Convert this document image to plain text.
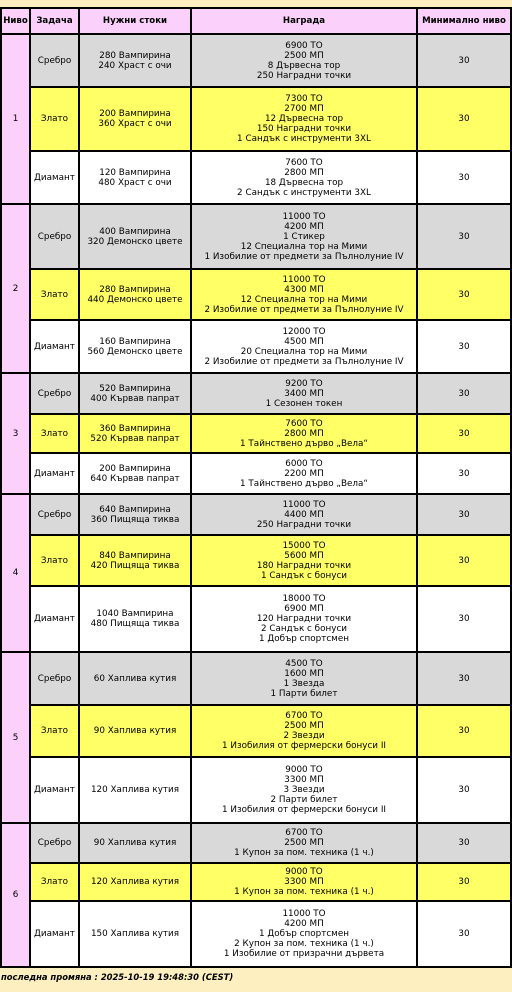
Ниво	Задача	Нужни стоки	Награда	Минимално ниво
1	Сребро	280 Вампирина
240 Храст с очи	6900 ТО
2500 МП
8 Дървесна тор
250 Наградни точки	30
	Злато	200 Вампирина
360 Храст с очи	7300 ТО
2700 МП
12 Дървесна тор
150 Наградни точки
1 Сандък с инструменти 3XL	30
	Диамант	120 Вампирина
480 Храст с очи	7600 ТО
2800 МП
18 Дървесна тор
2 Сандък с инструменти 3XL	30
2	Сребро	400 Вампирина
320 Демонско цвете	11000 ТО
4200 МП
1 Стикер
12 Специална тор на Мими
1 Изобилие от предмети за Пълнолуние IV	30
	Злато	280 Вампирина
440 Демонско цвете	11000 ТО
4300 МП
12 Специална тор на Мими
2 Изобилие от предмети за Пълнолуние IV	30
	Диамант	160 Вампирина
560 Демонско цвете	12000 ТО
4500 МП
20 Специална тор на Мими
2 Изобилие от предмети за Пълнолуние IV	30
3	Сребро	520 Вампирина
400 Кървав папрат	9200 ТО
3400 МП
1 Сезонен токен	30
	Злато	360 Вампирина
520 Кървав папрат	7600 ТО
2800 МП
1 Тайнствено дърво „Вела“	30
	Диамант	200 Вампирина
640 Кървав папрат	6000 ТО
2200 МП
1 Тайнствено дърво „Вела“	30
4	Сребро	640 Вампирина
360 Пищяща тиква	11000 ТО
4400 МП
250 Наградни точки	30
	Злато	840 Вампирина
420 Пищяща тиква	15000 ТО
5600 МП
180 Наградни точки
1 Сандък с бонуси	30
	Диамант	1040 Вампирина
480 Пищяща тиква	18000 ТО
6900 МП
120 Наградни точки
2 Сандък с бонуси
1 Добър спортсмен	30
5	Сребро	60 Хаплива кутия	4500 ТО
1600 МП
1 Звезда
1 Парти билет	30
	Злато	90 Хаплива кутия	6700 ТО
2500 МП
2 Звезди
1 Изобилия от фермерски бонуси II	30
	Диамант	120 Хаплива кутия	9000 ТО
3300 МП
3 Звезди
2 Парти билет
1 Изобилия от фермерски бонуси II	30
6	Сребро	90 Хаплива кутия	6700 ТО
2500 МП
1 Купон за пом. техника (1 ч.)	30
	Злато	120 Хаплива кутия	9000 ТО
3300 МП
1 Купон за пом. техника (1 ч.)	30
	Диамант	150 Хаплива кутия	11000 ТО
4200 МП
1 Добър спортсмен
2 Купон за пом. техника (1 ч.)
1 Изобилие от призрачни дървета	30
последна промяна : 2025-10-19 19:48:30 (CEST)
